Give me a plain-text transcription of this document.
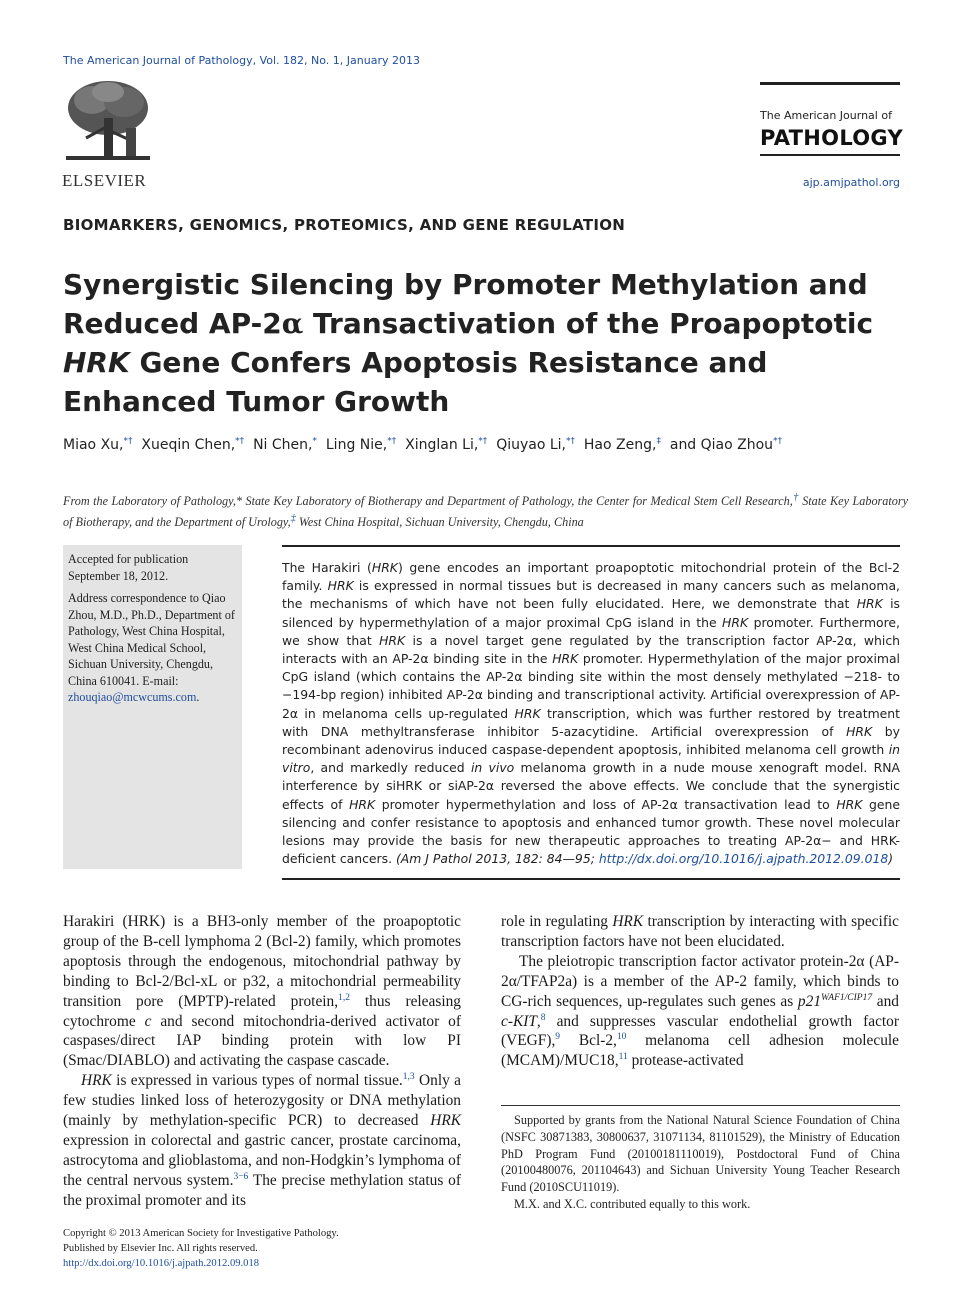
The American Journal of Pathology, Vol. 182, No. 1, January 2013
ELSEVIER
The American Journal of
PATHOLOGY
ajp.amjpathol.org
BIOMARKERS, GENOMICS, PROTEOMICS, AND GENE REGULATION
Synergistic Silencing by Promoter Methylation and Reduced AP-2α Transactivation of the Proapoptotic HRK Gene Confers Apoptosis Resistance and Enhanced Tumor Growth
Miao Xu,*† Xueqin Chen,*† Ni Chen,* Ling Nie,*† Xinglan Li,*† Qiuyao Li,*† Hao Zeng,‡ and Qiao Zhou*†
From the Laboratory of Pathology,* State Key Laboratory of Biotherapy and Department of Pathology, the Center for Medical Stem Cell Research,† State Key Laboratory of Biotherapy, and the Department of Urology,‡ West China Hospital, Sichuan University, Chengdu, China

Accepted for publication September 18, 2012.

Address correspondence to Qiao Zhou, M.D., Ph.D., Department of Pathology, West China Hospital, West China Medical School, Sichuan University, Chengdu, China 610041. E-mail: zhouqiao@mcwcums.com.

The Harakiri (HRK) gene encodes an important proapoptotic mitochondrial protein of the Bcl-2 family. HRK is expressed in normal tissues but is decreased in many cancers such as melanoma, the mechanisms of which have not been fully elucidated. Here, we demonstrate that HRK is silenced by hypermethylation of a major proximal CpG island in the HRK promoter. Furthermore, we show that HRK is a novel target gene regulated by the transcription factor AP-2α, which interacts with an AP-2α binding site in the HRK promoter. Hypermethylation of the major proximal CpG island (which contains the AP-2α binding site within the most densely methylated −218- to −194-bp region) inhibited AP-2α binding and transcriptional activity. Artificial overexpression of AP-2α in melanoma cells up-regulated HRK transcription, which was further restored by treatment with DNA methyltransferase inhibitor 5-azacytidine. Artificial overexpression of HRK by recombinant adenovirus induced caspase-dependent apoptosis, inhibited melanoma cell growth in vitro, and markedly reduced in vivo melanoma growth in a nude mouse xenograft model. RNA interference by siHRK or siAP-2α reversed the above effects. We conclude that the synergistic effects of HRK promoter hypermethylation and loss of AP-2α transactivation lead to HRK gene silencing and confer resistance to apoptosis and enhanced tumor growth. These novel molecular lesions may provide the basis for new therapeutic approaches to treating AP-2α− and HRK-deficient cancers. (Am J Pathol 2013, 182: 84—95; http://dx.doi.org/10.1016/j.ajpath.2012.09.018)

Harakiri (HRK) is a BH3-only member of the proapoptotic group of the B-cell lymphoma 2 (Bcl-2) family, which promotes apoptosis through the endogenous, mitochondrial pathway by binding to Bcl-2/Bcl-xL or p32, a mitochondrial permeability transition pore (MPTP)-related protein,$^{1,2}$ thus releasing cytochrome c and second mitochondria-derived activator of caspases/direct IAP binding protein with low PI (Smac/DIABLO) and activating the caspase cascade.

HRK is expressed in various types of normal tissue.$^{1,3}$ Only a few studies linked loss of heterozygosity or DNA methylation (mainly by methylation-specific PCR) to decreased HRK expression in colorectal and gastric cancer, prostate carcinoma, astrocytoma and glioblastoma, and non-Hodgkin’s lymphoma of the central nervous system.$^{3-6}$ The precise methylation status of the proximal promoter and its

role in regulating HRK transcription by interacting with specific transcription factors have not been elucidated.

The pleiotropic transcription factor activator protein-2α (AP-2α/TFAP2a) is a member of the AP-2 family, which binds to CG-rich sequences, up-regulates such genes as $p21^{WAF1/CIP17}$ and c-KIT,$^8$ and suppresses vascular endothelial growth factor (VEGF),$^9$ Bcl-2,10 melanoma cell adhesion molecule (MCAM)/MUC18,11 protease-activated

Supported by grants from the National Natural Science Foundation of China (NSFC 30871383, 30800637, 31071134, 81101529), the Ministry of Education PhD Program Fund (20100181110019), Postdoctoral Fund of China (20100480076, 201104643) and Sichuan University Young Teacher Research Fund (2010SCU11019).

M.X. and X.C. contributed equally to this work.

Copyright © 2013 American Society for Investigative Pathology.
Published by Elsevier Inc. All rights reserved.
http://dx.doi.org/10.1016/j.ajpath.2012.09.018
